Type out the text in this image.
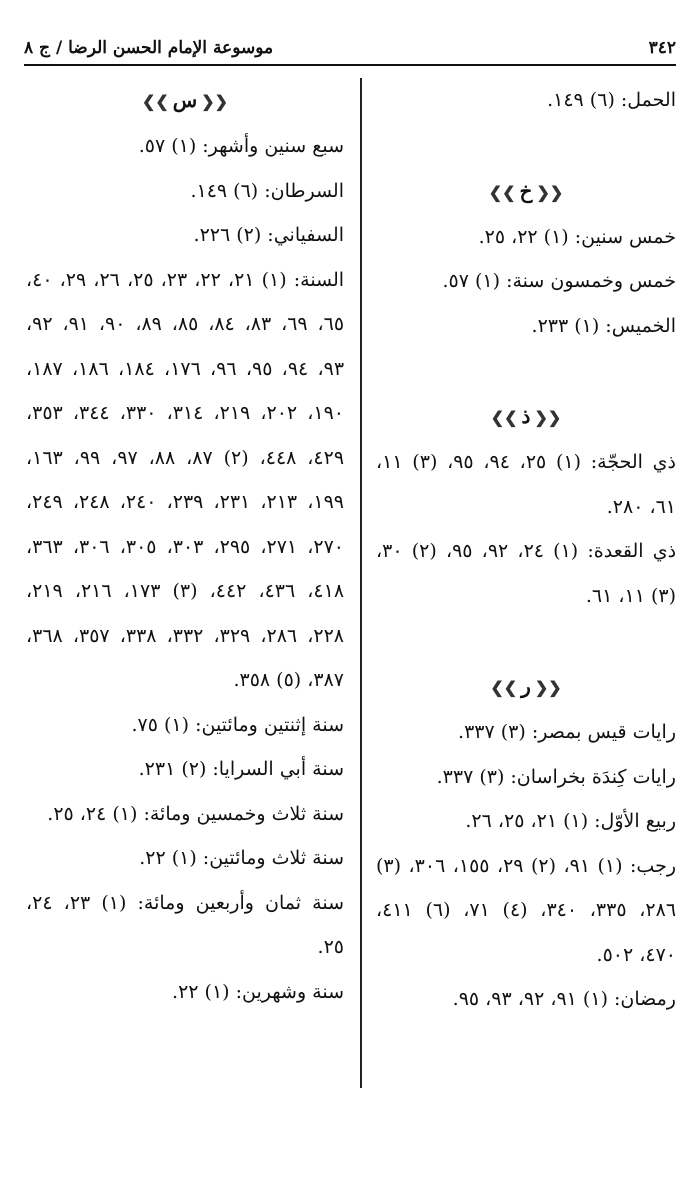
٣٤٢
موسوعة الإمام الحسن الرضا / ج ٨
الحمل: (٦) ١٤٩.
❮❮خ❯❯
خمس سنين: (١) ٢٢، ٢٥.
خمس وخمسون سنة: (١) ٥٧.
الخميس: (١) ٢٣٣.
❮❮ذ❯❯
ذي الحجّة: (١) ٢٥، ٩٤، ٩٥، (٣) ١١، ٦١، ٢٨٠.
ذي القعدة: (١) ٢٤، ٩٢، ٩٥، (٢) ٣٠، (٣) ١١، ٦١.
❮❮ر❯❯
رايات قيس بمصر: (٣) ٣٣٧.
رايات كِندَة بخراسان: (٣) ٣٣٧.
ربيع الأوّل: (١) ٢١، ٢٥، ٢٦.
رجب: (١) ٩١، (٢) ٢٩، ١٥٥، ٣٠٦، (٣) ٢٨٦، ٣٣٥، ٣٤٠، (٤) ٧١، (٦) ٤١١، ٤٧٠، ٥٠٢.
رمضان: (١) ٩١، ٩٢، ٩٣، ٩٥.
❮❮س❯❯
سبع سنين وأشهر: (١) ٥٧.
السرطان: (٦) ١٤٩.
السفياني: (٢) ٢٢٦.
السنة: (١) ٢١، ٢٢، ٢٣، ٢٥، ٢٦، ٢٩، ٤٠، ٦٥، ٦٩، ٨٣، ٨٤، ٨٥، ٨٩، ٩٠، ٩١، ٩٢، ٩٣، ٩٤، ٩٥، ٩٦، ١٧٦، ١٨٤، ١٨٦، ١٨٧، ١٩٠، ٢٠٢، ٢١٩، ٣١٤، ٣٣٠، ٣٤٤، ٣٥٣، ٤٢٩، ٤٤٨، (٢) ٨٧، ٨٨، ٩٧، ٩٩، ١٦٣، ١٩٩، ٢١٣، ٢٣١، ٢٣٩، ٢٤٠، ٢٤٨، ٢٤٩، ٢٧٠، ٢٧١، ٢٩٥، ٣٠٣، ٣٠٥، ٣٠٦، ٣٦٣، ٤١٨، ٤٣٦، ٤٤٢، (٣) ١٧٣، ٢١٦، ٢١٩، ٢٢٨، ٢٨٦، ٣٢٩، ٣٣٢، ٣٣٨، ٣٥٧، ٣٦٨، ٣٨٧، (٥) ٣٥٨.
سنة إثنتين ومائتين: (١) ٧٥.
سنة أبي السرايا: (٢) ٢٣١.
سنة ثلاث وخمسين ومائة: (١) ٢٤، ٢٥.
سنة ثلاث ومائتين: (١) ٢٢.
سنة ثمان وأربعين ومائة: (١) ٢٣، ٢٤، ٢٥.
سنة وشهرين: (١) ٢٢.
